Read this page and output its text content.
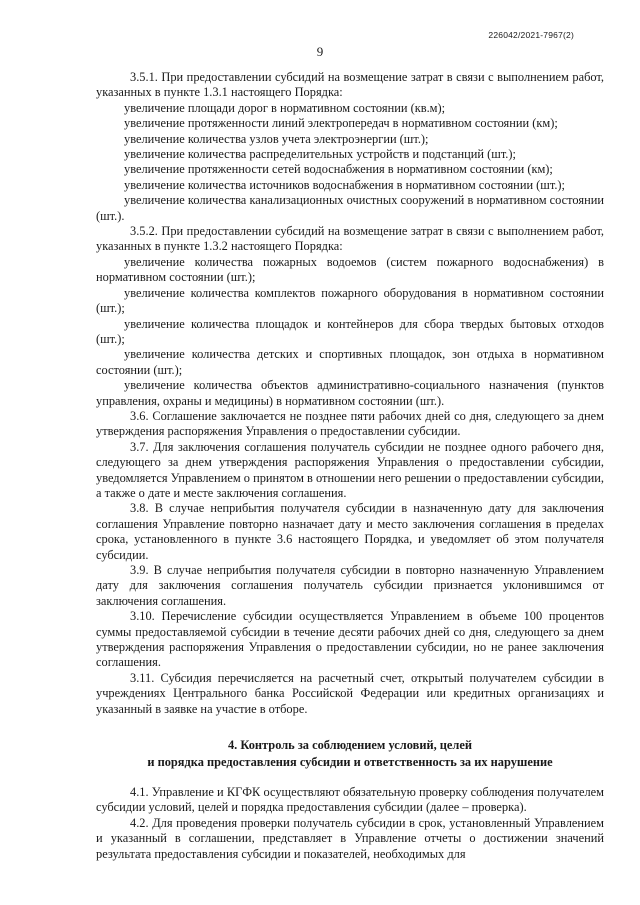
226042/2021-7967(2)
9

3.5.1. При предоставлении субсидий на возмещение затрат в связи с выполнением работ, указанных в пункте 1.3.1 настоящего Порядка:

увеличение площади дорог в нормативном состоянии (кв.м);

увеличение протяженности линий электропередач в нормативном состоянии (км);

увеличение количества узлов учета электроэнергии (шт.);

увеличение количества распределительных устройств и подстанций (шт.);

увеличение протяженности сетей водоснабжения в нормативном состоянии (км);

увеличение количества источников водоснабжения в нормативном состоянии (шт.);

увеличение количества канализационных очистных сооружений в нормативном состоянии (шт.).

3.5.2. При предоставлении субсидий на возмещение затрат в связи с выполнением работ, указанных в пункте 1.3.2 настоящего Порядка:

увеличение количества пожарных водоемов (систем пожарного водоснабжения) в нормативном состоянии (шт.);

увеличение количества комплектов пожарного оборудования в нормативном состоянии (шт.);

увеличение количества площадок и контейнеров для сбора твердых бытовых отходов (шт.);

увеличение количества детских и спортивных площадок, зон отдыха в нормативном состоянии (шт.);

увеличение количества объектов административно-социального назначения (пунктов управления, охраны и медицины) в нормативном состоянии (шт.).

3.6. Соглашение заключается не позднее пяти рабочих дней со дня, следующего за днем утверждения распоряжения Управления о предоставлении субсидии.

3.7. Для заключения соглашения получатель субсидии не позднее одного рабочего дня, следующего за днем утверждения распоряжения Управления о предоставлении субсидии, уведомляется Управлением о принятом в отношении него решении о предоставлении субсидии, а также о дате и месте заключения соглашения.

3.8. В случае неприбытия получателя субсидии в назначенную дату для заключения соглашения Управление повторно назначает дату и место заключения соглашения в пределах срока, установленного в пункте 3.6 настоящего Порядка, и уведомляет об этом получателя субсидии.

3.9. В случае неприбытия получателя субсидии в повторно назначенную Управлением дату для заключения соглашения получатель субсидии признается уклонившимся от заключения соглашения.

3.10. Перечисление субсидии осуществляется Управлением в объеме 100 процентов суммы предоставляемой субсидии в течение десяти рабочих дней со дня, следующего за днем утверждения распоряжения Управления о предоставлении субсидии, но не ранее заключения соглашения.

3.11. Субсидия перечисляется на расчетный счет, открытый получателем субсидии в учреждениях Центрального банка Российской Федерации или кредитных организациях и указанный в заявке на участие в отборе.

4. Контроль за соблюдением условий, целей
и порядка предоставления субсидии и ответственность за их нарушение

4.1. Управление и КГФК осуществляют обязательную проверку соблюдения получателем субсидии условий, целей и порядка предоставления субсидии (далее – проверка).

4.2. Для проведения проверки получатель субсидии в срок, установленный Управлением и указанный в соглашении, представляет в Управление отчеты о достижении значений результата предоставления субсидии и показателей, необходимых для
